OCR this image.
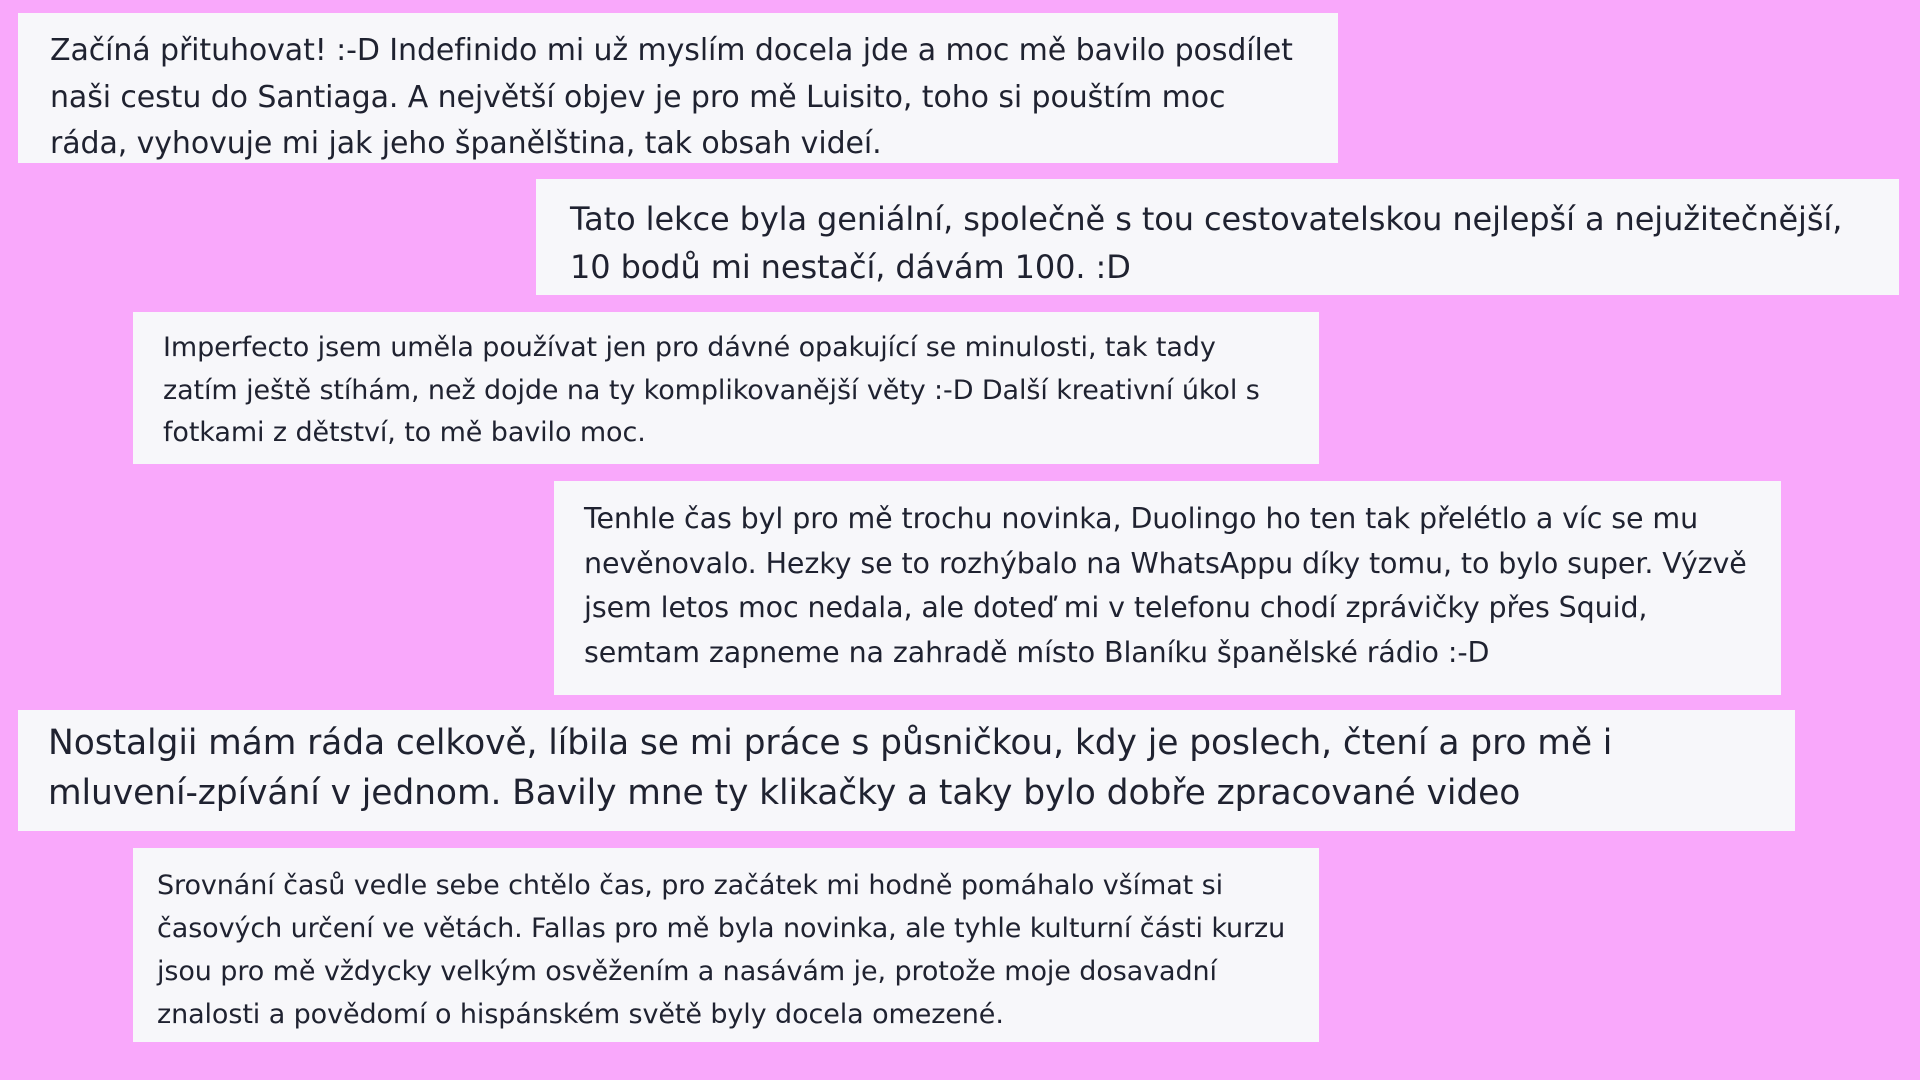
Začíná přituhovat! :-D Indefinido mi už myslím docela jde a moc mě bavilo posdílet naši cestu do Santiaga. A největší objev je pro mě Luisito, toho si pouštím moc ráda, vyhovuje mi jak jeho španělština, tak obsah videí.

Tato lekce byla geniální, společně s tou cestovatelskou nejlepší a nejužitečnější, 10 bodů mi nestačí, dávám 100. :D

Imperfecto jsem uměla používat jen pro dávné opakující se minulosti, tak tady zatím ještě stíhám, než dojde na ty komplikovanější věty :-D Další kreativní úkol s fotkami z dětství, to mě bavilo moc.

Tenhle čas byl pro mě trochu novinka, Duolingo ho ten tak přelétlo a víc se mu nevěnovalo. Hezky se to rozhýbalo na WhatsAppu díky tomu, to bylo super. Výzvě jsem letos moc nedala, ale doteď mi v telefonu chodí zprávičky přes Squid, semtam zapneme na zahradě místo Blaníku španělské rádio :-D

Nostalgii mám ráda celkově, líbila se mi práce s půsničkou, kdy je poslech, čtení a pro mě i mluvení-zpívání v jednom. Bavily mne ty klikačky a taky bylo dobře zpracované video

Srovnání časů vedle sebe chtělo čas, pro začátek mi hodně pomáhalo všímat si časových určení ve větách. Fallas pro mě byla novinka, ale tyhle kulturní části kurzu jsou pro mě vždycky velkým osvěžením a nasávám je, protože moje dosavadní znalosti a povědomí o hispánském světě byly docela omezené.
